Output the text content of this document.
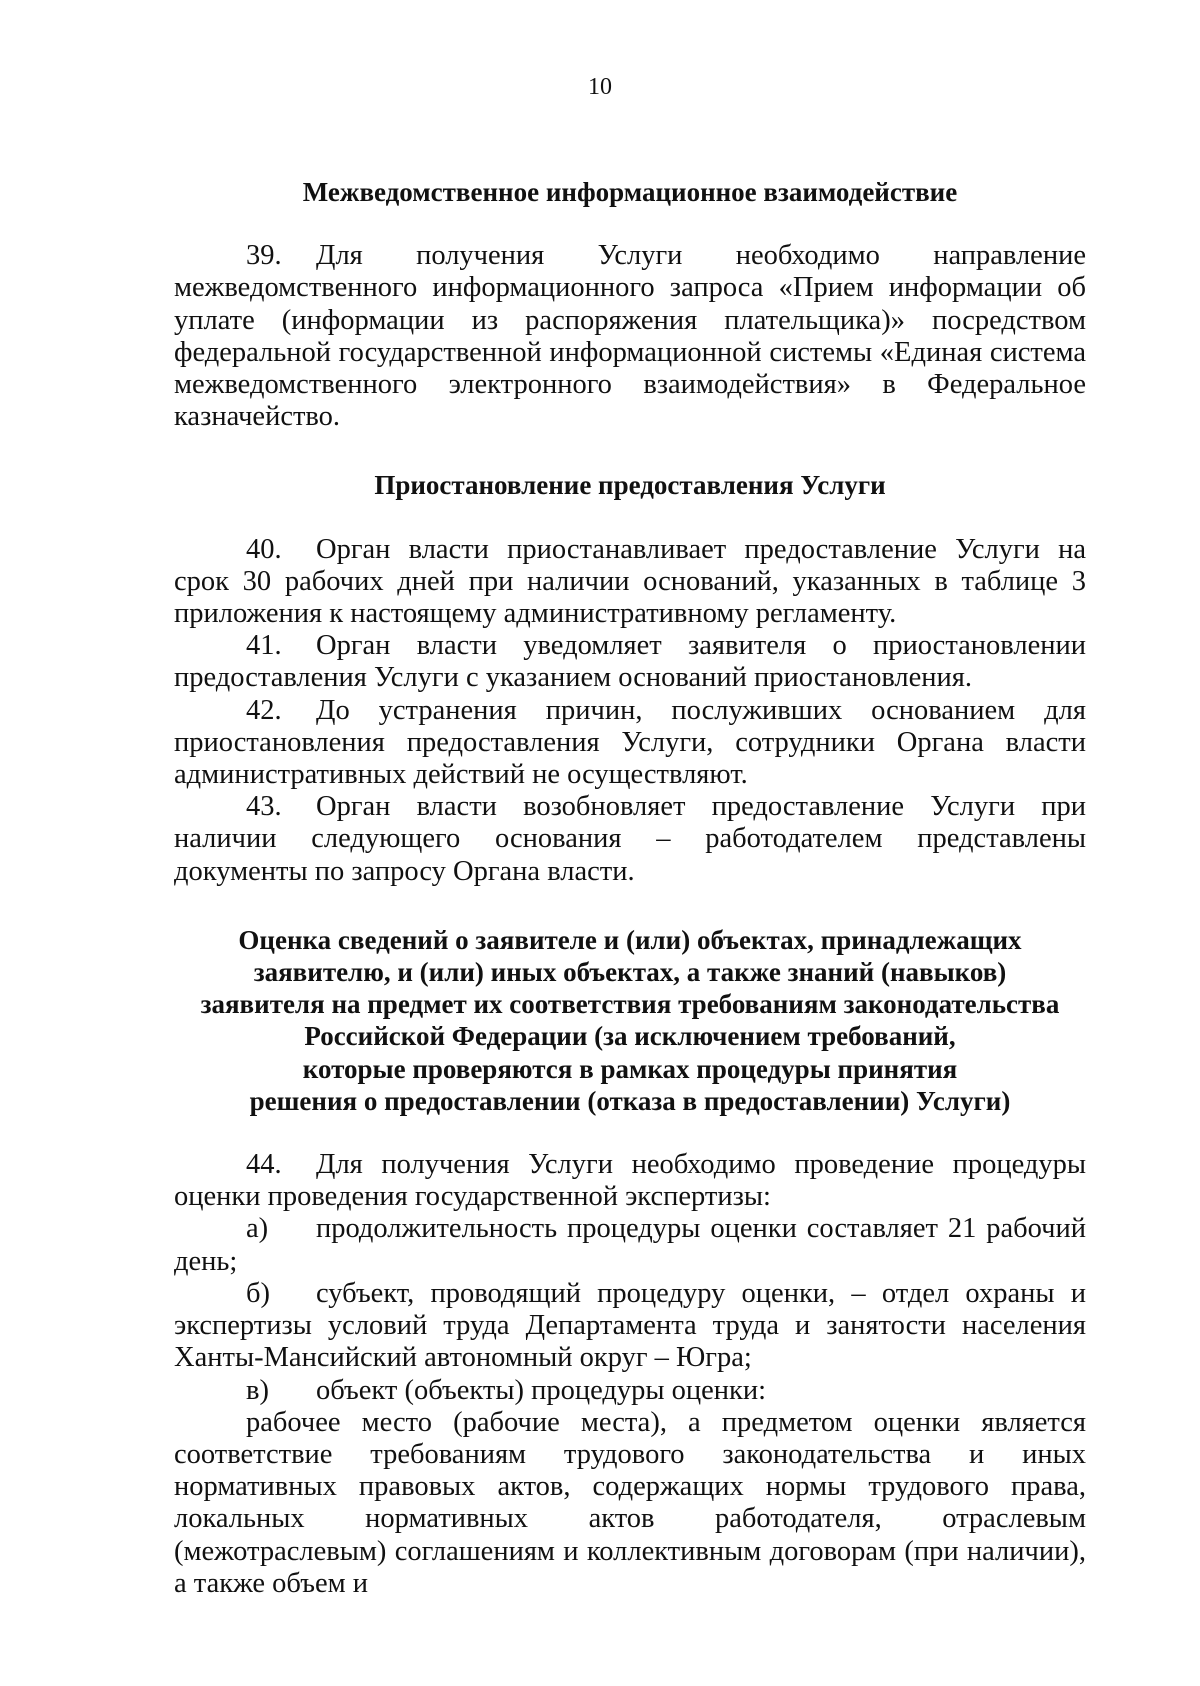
10
Межведомственное информационное взаимодействие

39. Для получения Услуги необходимо направление межведомственного информационного запроса «Прием информации об уплате (информации из распоряжения плательщика)» посредством федеральной государственной информационной системы «Единая система межведомственного электронного взаимодействия» в Федеральное казначейство.

Приостановление предоставления Услуги

40. Орган власти приостанавливает предоставление Услуги на срок 30 рабочих дней при наличии оснований, указанных в таблице 3 приложения к настоящему административному регламенту.

41. Орган власти уведомляет заявителя о приостановлении предоставления Услуги с указанием оснований приостановления.

42. До устранения причин, послуживших основанием для приостановления предоставления Услуги, сотрудники Органа власти административных действий не осуществляют.

43. Орган власти возобновляет предоставление Услуги при наличии следующего основания – работодателем представлены документы по запросу Органа власти.

Оценка сведений о заявителе и (или) объектах, принадлежащих
заявителю, и (или) иных объектах, а также знаний (навыков)
заявителя на предмет их соответствия требованиям законодательства
Российской Федерации (за исключением требований,
которые проверяются в рамках процедуры принятия
решения о предоставлении (отказа в предоставлении) Услуги)

44. Для получения Услуги необходимо проведение процедуры оценки проведения государственной экспертизы:

а) продолжительность процедуры оценки составляет 21 рабочий день;

б) субъект, проводящий процедуру оценки, – отдел охраны и экспертизы условий труда Департамента труда и занятости населения Ханты-Мансийский автономный округ – Югра;

в) объект (объекты) процедуры оценки:

рабочее место (рабочие места), а предметом оценки является соответствие требованиям трудового законодательства и иных нормативных правовых актов, содержащих нормы трудового права, локальных нормативных актов работодателя, отраслевым (межотраслевым) соглашениям и коллективным договорам (при наличии), а также объем и
